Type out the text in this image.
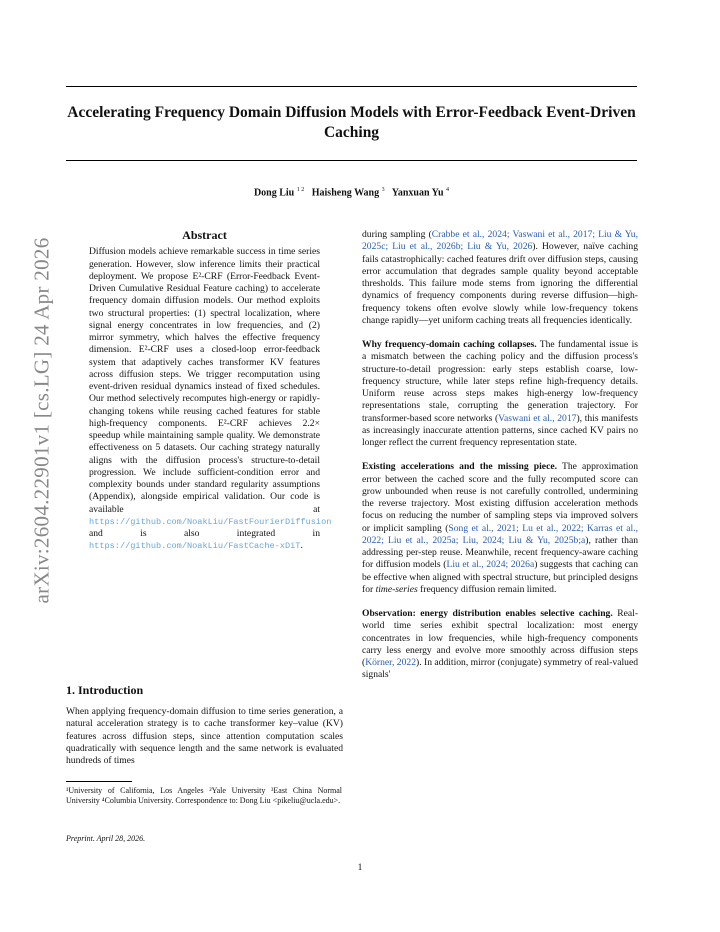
arXiv:2604.22901v1 [cs.LG] 24 Apr 2026
Accelerating Frequency Domain Diffusion Models with Error-Feedback Event-Driven Caching
Dong Liu $^{1 2}$ Haisheng Wang $^3$ Yanxuan Yu $^4$

Abstract

Diffusion models achieve remarkable success in time series generation. However, slow inference limits their practical deployment. We propose E²-CRF (Error-Feedback Event-Driven Cumulative Residual Feature caching) to accelerate frequency domain diffusion models. Our method exploits two structural properties: (1) spectral localization, where signal energy concentrates in low frequencies, and (2) mirror symmetry, which halves the effective frequency dimension. E²-CRF uses a closed-loop error-feedback system that adaptively caches transformer KV features across diffusion steps. We trigger recomputation using event-driven residual dynamics instead of fixed schedules. Our method selectively recomputes high-energy or rapidly-changing tokens while reusing cached features for stable high-frequency components. E²-CRF achieves 2.2× speedup while maintaining sample quality. We demonstrate effectiveness on 5 datasets. Our caching strategy naturally aligns with the diffusion process's structure-to-detail progression. We include sufficient-condition error and complexity bounds under standard regularity assumptions (Appendix), alongside empirical validation. Our code is available at https://github.com/NoakLiu/FastFourierDiffusion and is also integrated in https://github.com/NoakLiu/FastCache-xDiT.

1. Introduction

When applying frequency-domain diffusion to time series generation, a natural acceleration strategy is to cache transformer key–value (KV) features across diffusion steps, since attention computation scales quadratically with sequence length and the same network is evaluated hundreds of times

¹University of California, Los Angeles ²Yale University ³East China Normal University ⁴Columbia University. Correspondence to: Dong Liu <pikeliu@ucla.edu>.
Preprint. April 28, 2026.

during sampling (Crabbe et al., 2024; Vaswani et al., 2017; Liu & Yu, 2025c; Liu et al., 2026b; Liu & Yu, 2026). However, naïve caching fails catastrophically: cached features drift over diffusion steps, causing error accumulation that degrades sample quality beyond acceptable thresholds. This failure mode stems from ignoring the differential dynamics of frequency components during reverse diffusion—high-frequency tokens often evolve slowly while low-frequency tokens change rapidly—yet uniform caching treats all frequencies identically.

Why frequency-domain caching collapses. The fundamental issue is a mismatch between the caching policy and the diffusion process's structure-to-detail progression: early steps establish coarse, low-frequency structure, while later steps refine high-frequency details. Uniform reuse across steps makes high-energy low-frequency representations stale, corrupting the generation trajectory. For transformer-based score networks (Vaswani et al., 2017), this manifests as increasingly inaccurate attention patterns, since cached KV pairs no longer reflect the current frequency representation state.

Existing accelerations and the missing piece. The approximation error between the cached score and the fully recomputed score can grow unbounded when reuse is not carefully controlled, undermining the reverse trajectory. Most existing diffusion acceleration methods focus on reducing the number of sampling steps via improved solvers or implicit sampling (Song et al., 2021; Lu et al., 2022; Karras et al., 2022; Liu et al., 2025a; Liu, 2024; Liu & Yu, 2025b;a), rather than addressing per-step reuse. Meanwhile, recent frequency-aware caching for diffusion models (Liu et al., 2024; 2026a) suggests that caching can be effective when aligned with spectral structure, but principled designs for time-series frequency diffusion remain limited.

Observation: energy distribution enables selective caching. Real-world time series exhibit spectral localization: most energy concentrates in low frequencies, while high-frequency components carry less energy and evolve more smoothly across diffusion steps (Körner, 2022). In addition, mirror (conjugate) symmetry of real-valued signals'

1
